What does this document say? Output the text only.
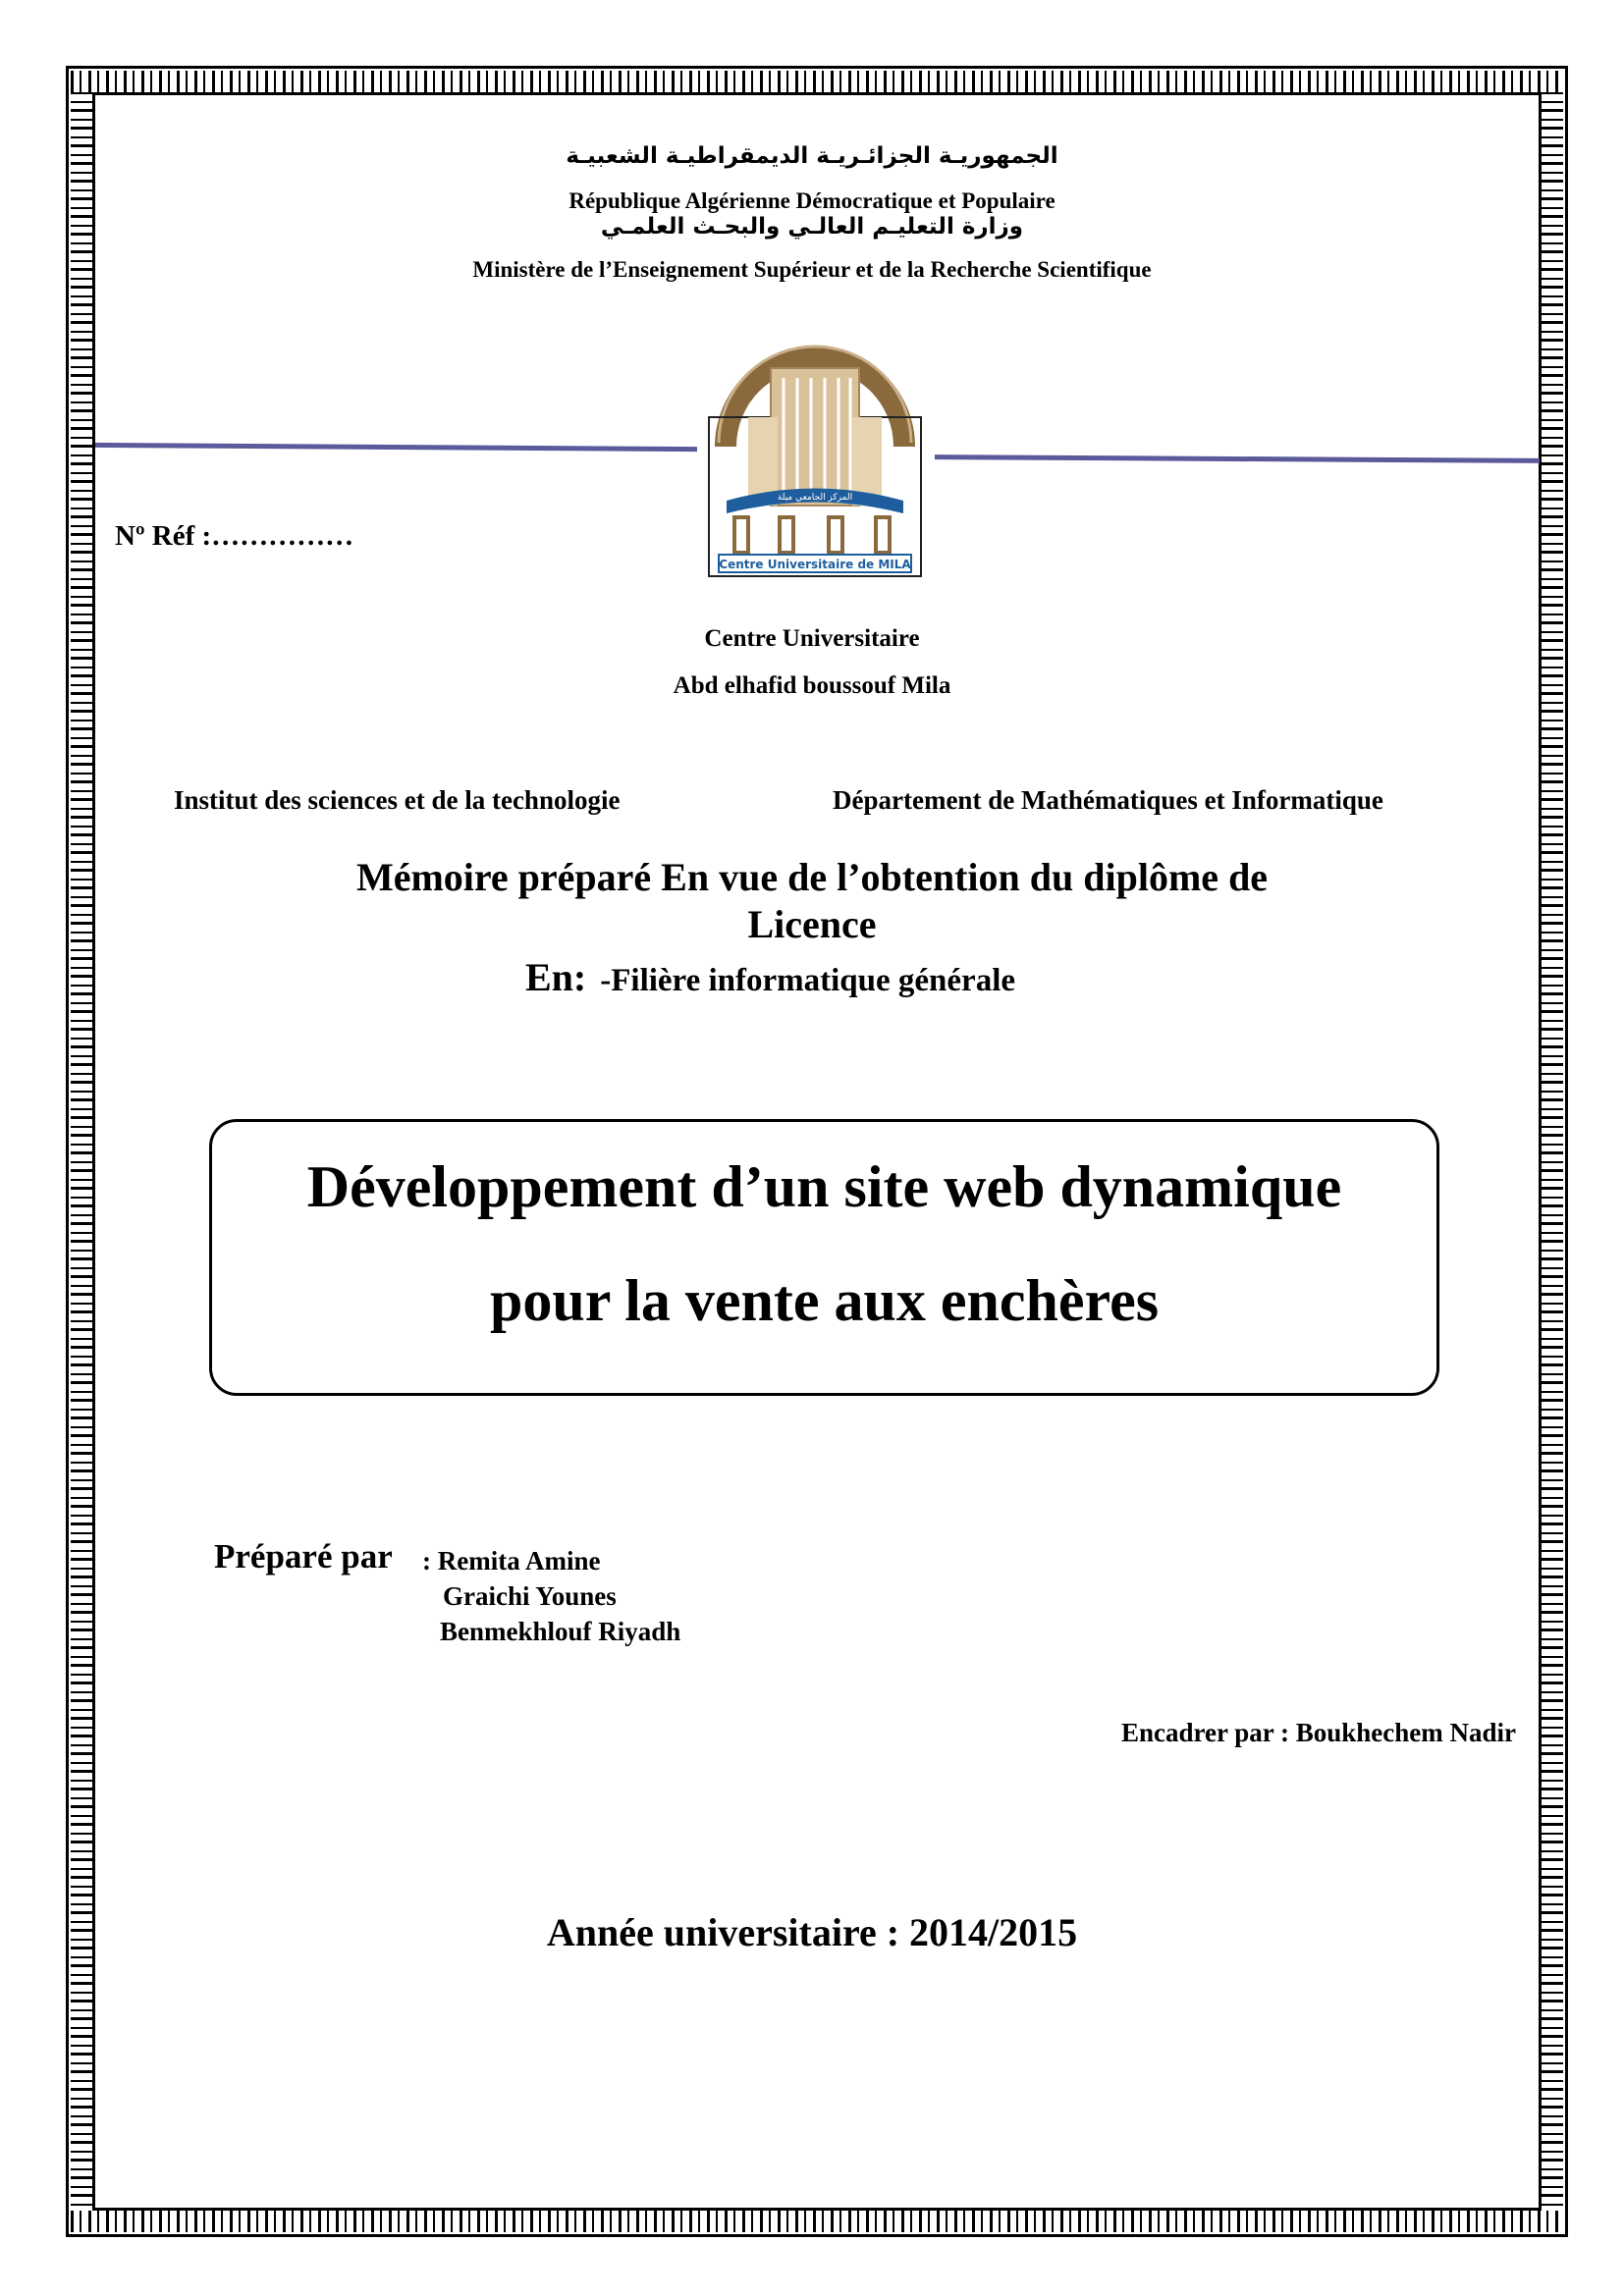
الجمهوريـة الجزائـريـة الديمقراطيـة الشعبيـة
République Algérienne Démocratique et Populaire
وزارة التعليـم العالـي والبحـث العلمـي
Ministère de l’Enseignement Supérieur et de la Recherche Scientifique
المركز الجامعي ميلة
Centre Universitaire de MILA
Nº Réf :……………
Centre Universitaire
Abd elhafid boussouf Mila
Institut des sciences et de la technologie	Département de Mathématiques et Informatique
Mémoire préparé En vue de l’obtention du diplôme de
Licence
En: -Filière informatique générale
Développement d’un site web dynamique
pour la vente aux enchères
Préparé par : Remita Amine
Graichi Younes
Benmekhlouf Riyadh
Encadrer par : Boukhechem Nadir
Année universitaire : 2014/2015
